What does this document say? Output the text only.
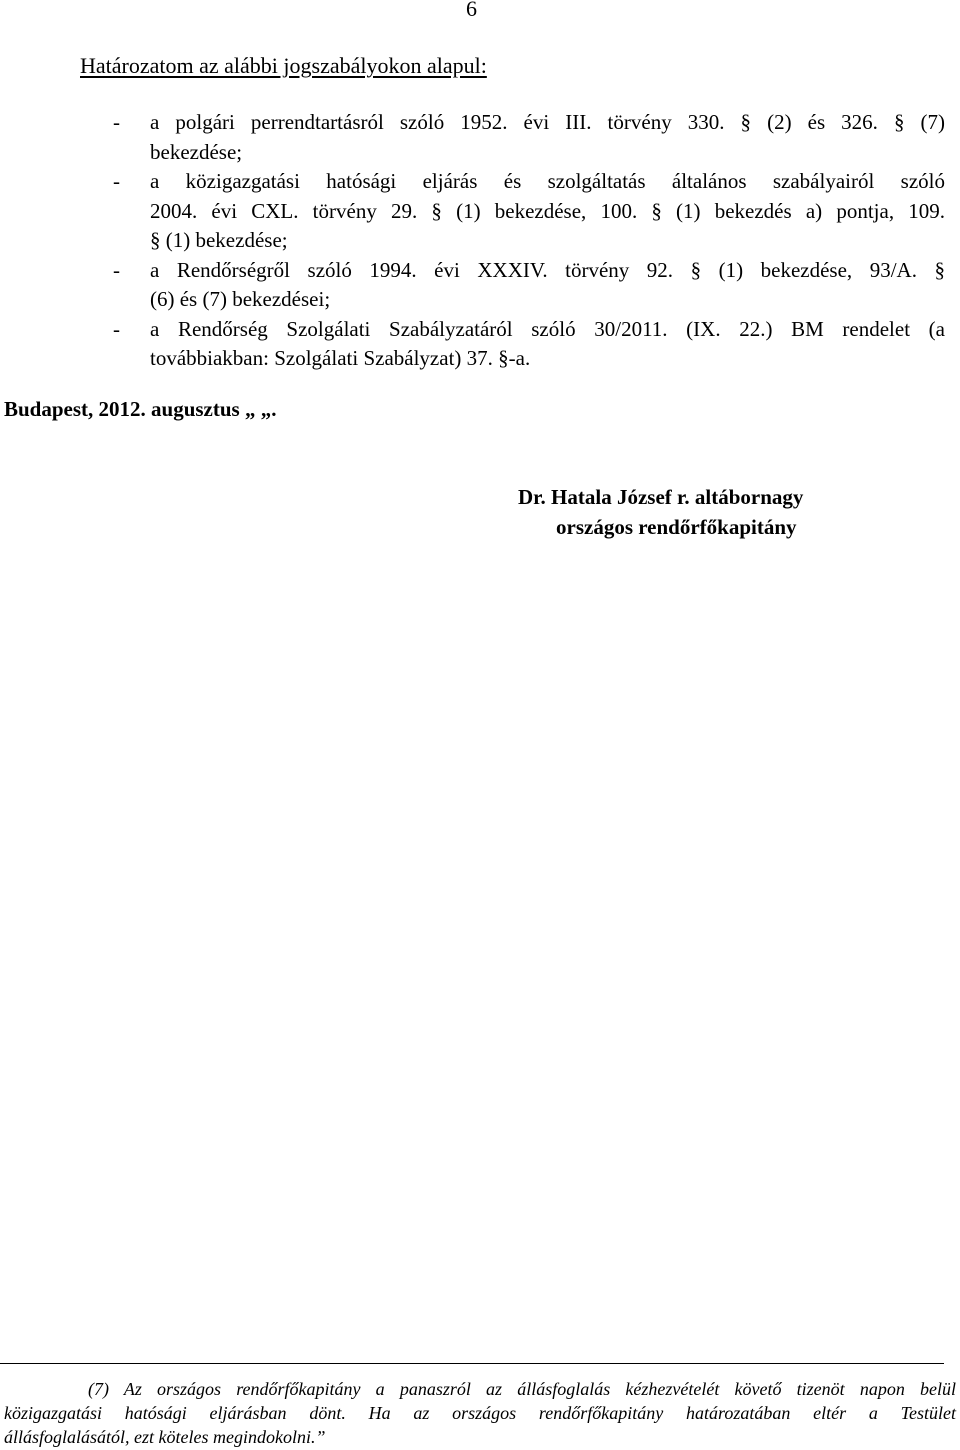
6
Határozatom az alábbi jogszabályokon alapul:
- a polgári perrendtartásról szóló 1952. évi III. törvény 330. § (2) és 326. § (7)
bekezdése;
- a közigazgatási hatósági eljárás és szolgáltatás általános szabályairól szóló
2004. évi CXL. törvény 29. § (1) bekezdése, 100. § (1) bekezdés a) pontja, 109.
§ (1) bekezdése;
- a Rendőrségről szóló 1994. évi XXXIV. törvény 92. § (1) bekezdése, 93/A. §
(6) és (7) bekezdései;
- a Rendőrség Szolgálati Szabályzatáról szóló 30/2011. (IX. 22.) BM rendelet (a
továbbiakban: Szolgálati Szabályzat) 37. §-a.
Budapest, 2012. augusztus „ „.
Dr. Hatala József r. altábornagy
országos rendőrfőkapitány
(7) Az országos rendőrfőkapitány a panaszról az állásfoglalás kézhezvételét követő tizenöt napon belül
közigazgatási hatósági eljárásban dönt. Ha az országos rendőrfőkapitány határozatában eltér a Testület
állásfoglalásától, ezt köteles megindokolni.”
